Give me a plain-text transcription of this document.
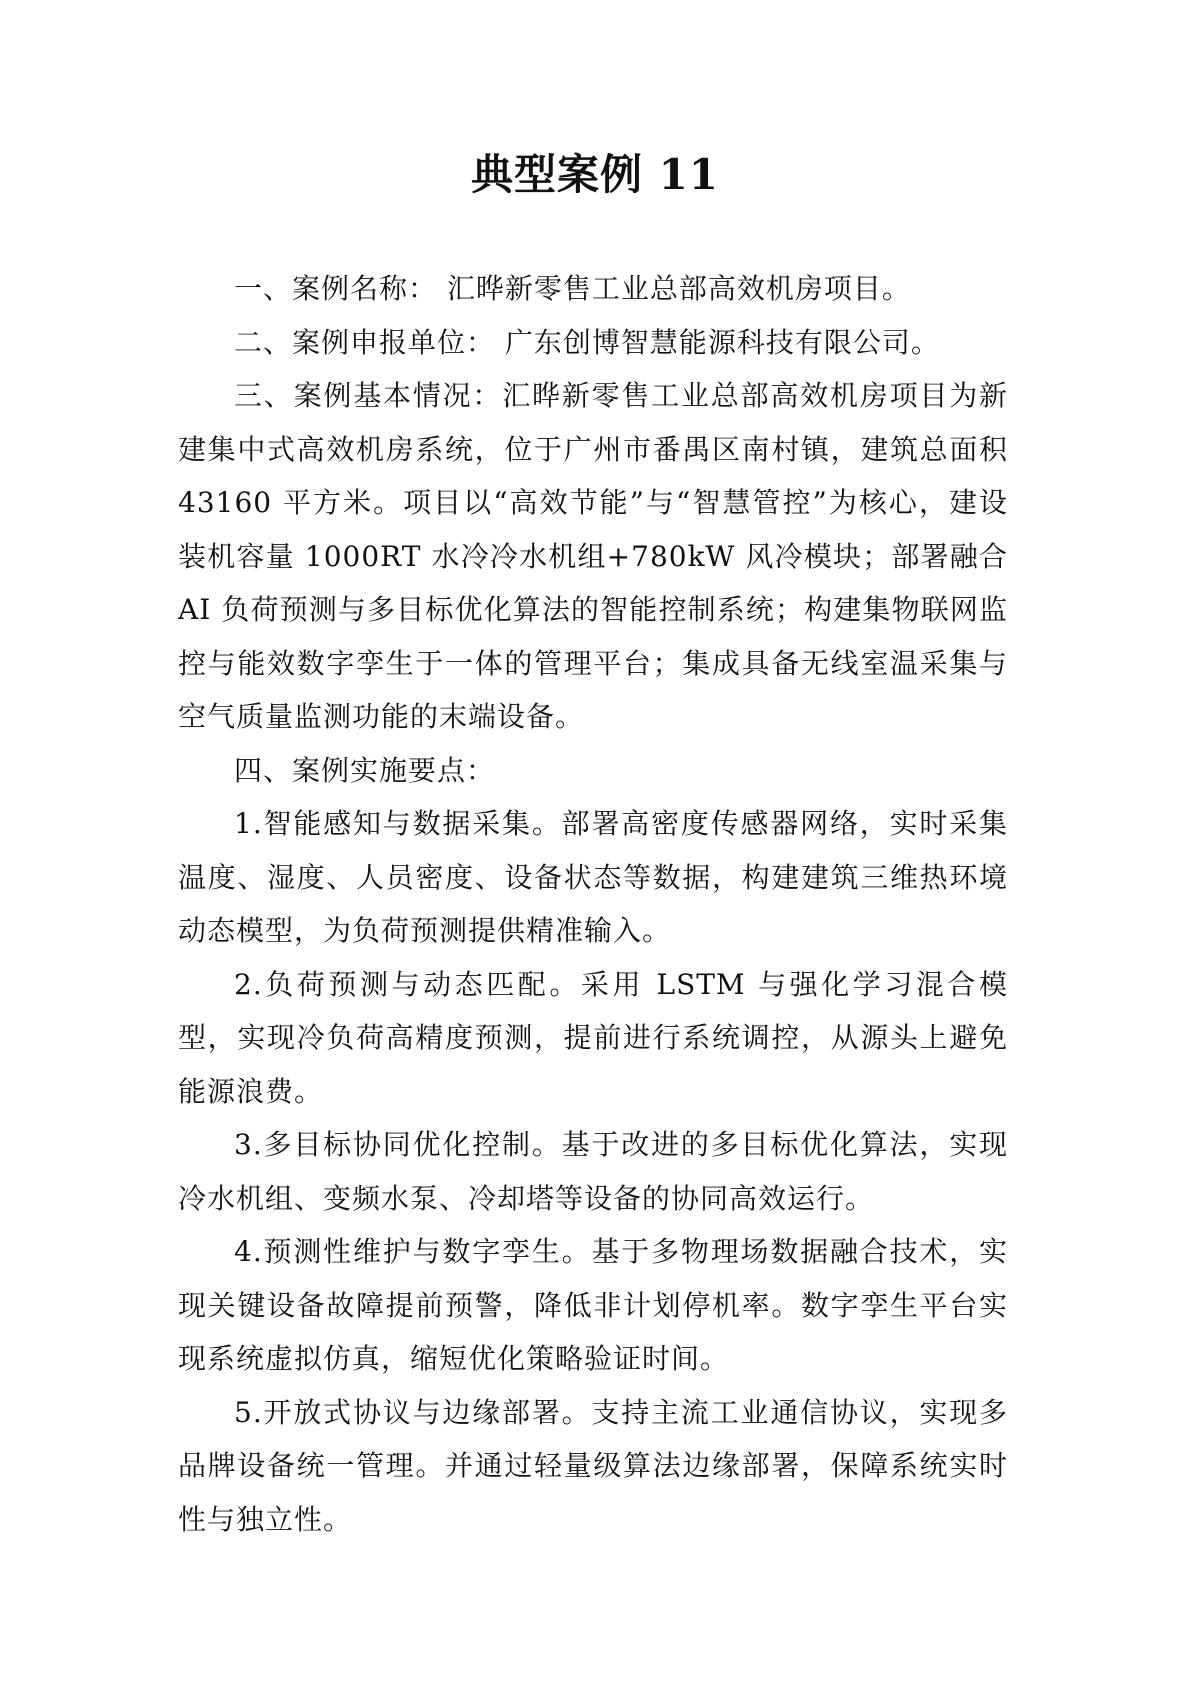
典型案例 11

一、案例名称： 汇晔新零售工业总部高效机房项目。

二、案例申报单位： 广东创博智慧能源科技有限公司。

三、案例基本情况：汇晔新零售工业总部高效机房项目为新建集中式高效机房系统，位于广州市番禺区南村镇，建筑总面积 43160 平方米。项目以“高效节能”与“智慧管控”为核心，建设装机容量 1000RT 水冷冷水机组+780kW 风冷模块；部署融合 AI 负荷预测与多目标优化算法的智能控制系统；构建集物联网监控与能效数字孪生于一体的管理平台；集成具备无线室温采集与空气质量监测功能的末端设备。

四、案例实施要点：

1.智能感知与数据采集。部署高密度传感器网络，实时采集温度、湿度、人员密度、设备状态等数据，构建建筑三维热环境动态模型，为负荷预测提供精准输入。

2.负荷预测与动态匹配。采用 LSTM 与强化学习混合模型，实现冷负荷高精度预测，提前进行系统调控，从源头上避免能源浪费。

3.多目标协同优化控制。基于改进的多目标优化算法，实现冷水机组、变频水泵、冷却塔等设备的协同高效运行。

4.预测性维护与数字孪生。基于多物理场数据融合技术，实现关键设备故障提前预警，降低非计划停机率。数字孪生平台实现系统虚拟仿真，缩短优化策略验证时间。

5.开放式协议与边缘部署。支持主流工业通信协议，实现多品牌设备统一管理。并通过轻量级算法边缘部署，保障系统实时性与独立性。
